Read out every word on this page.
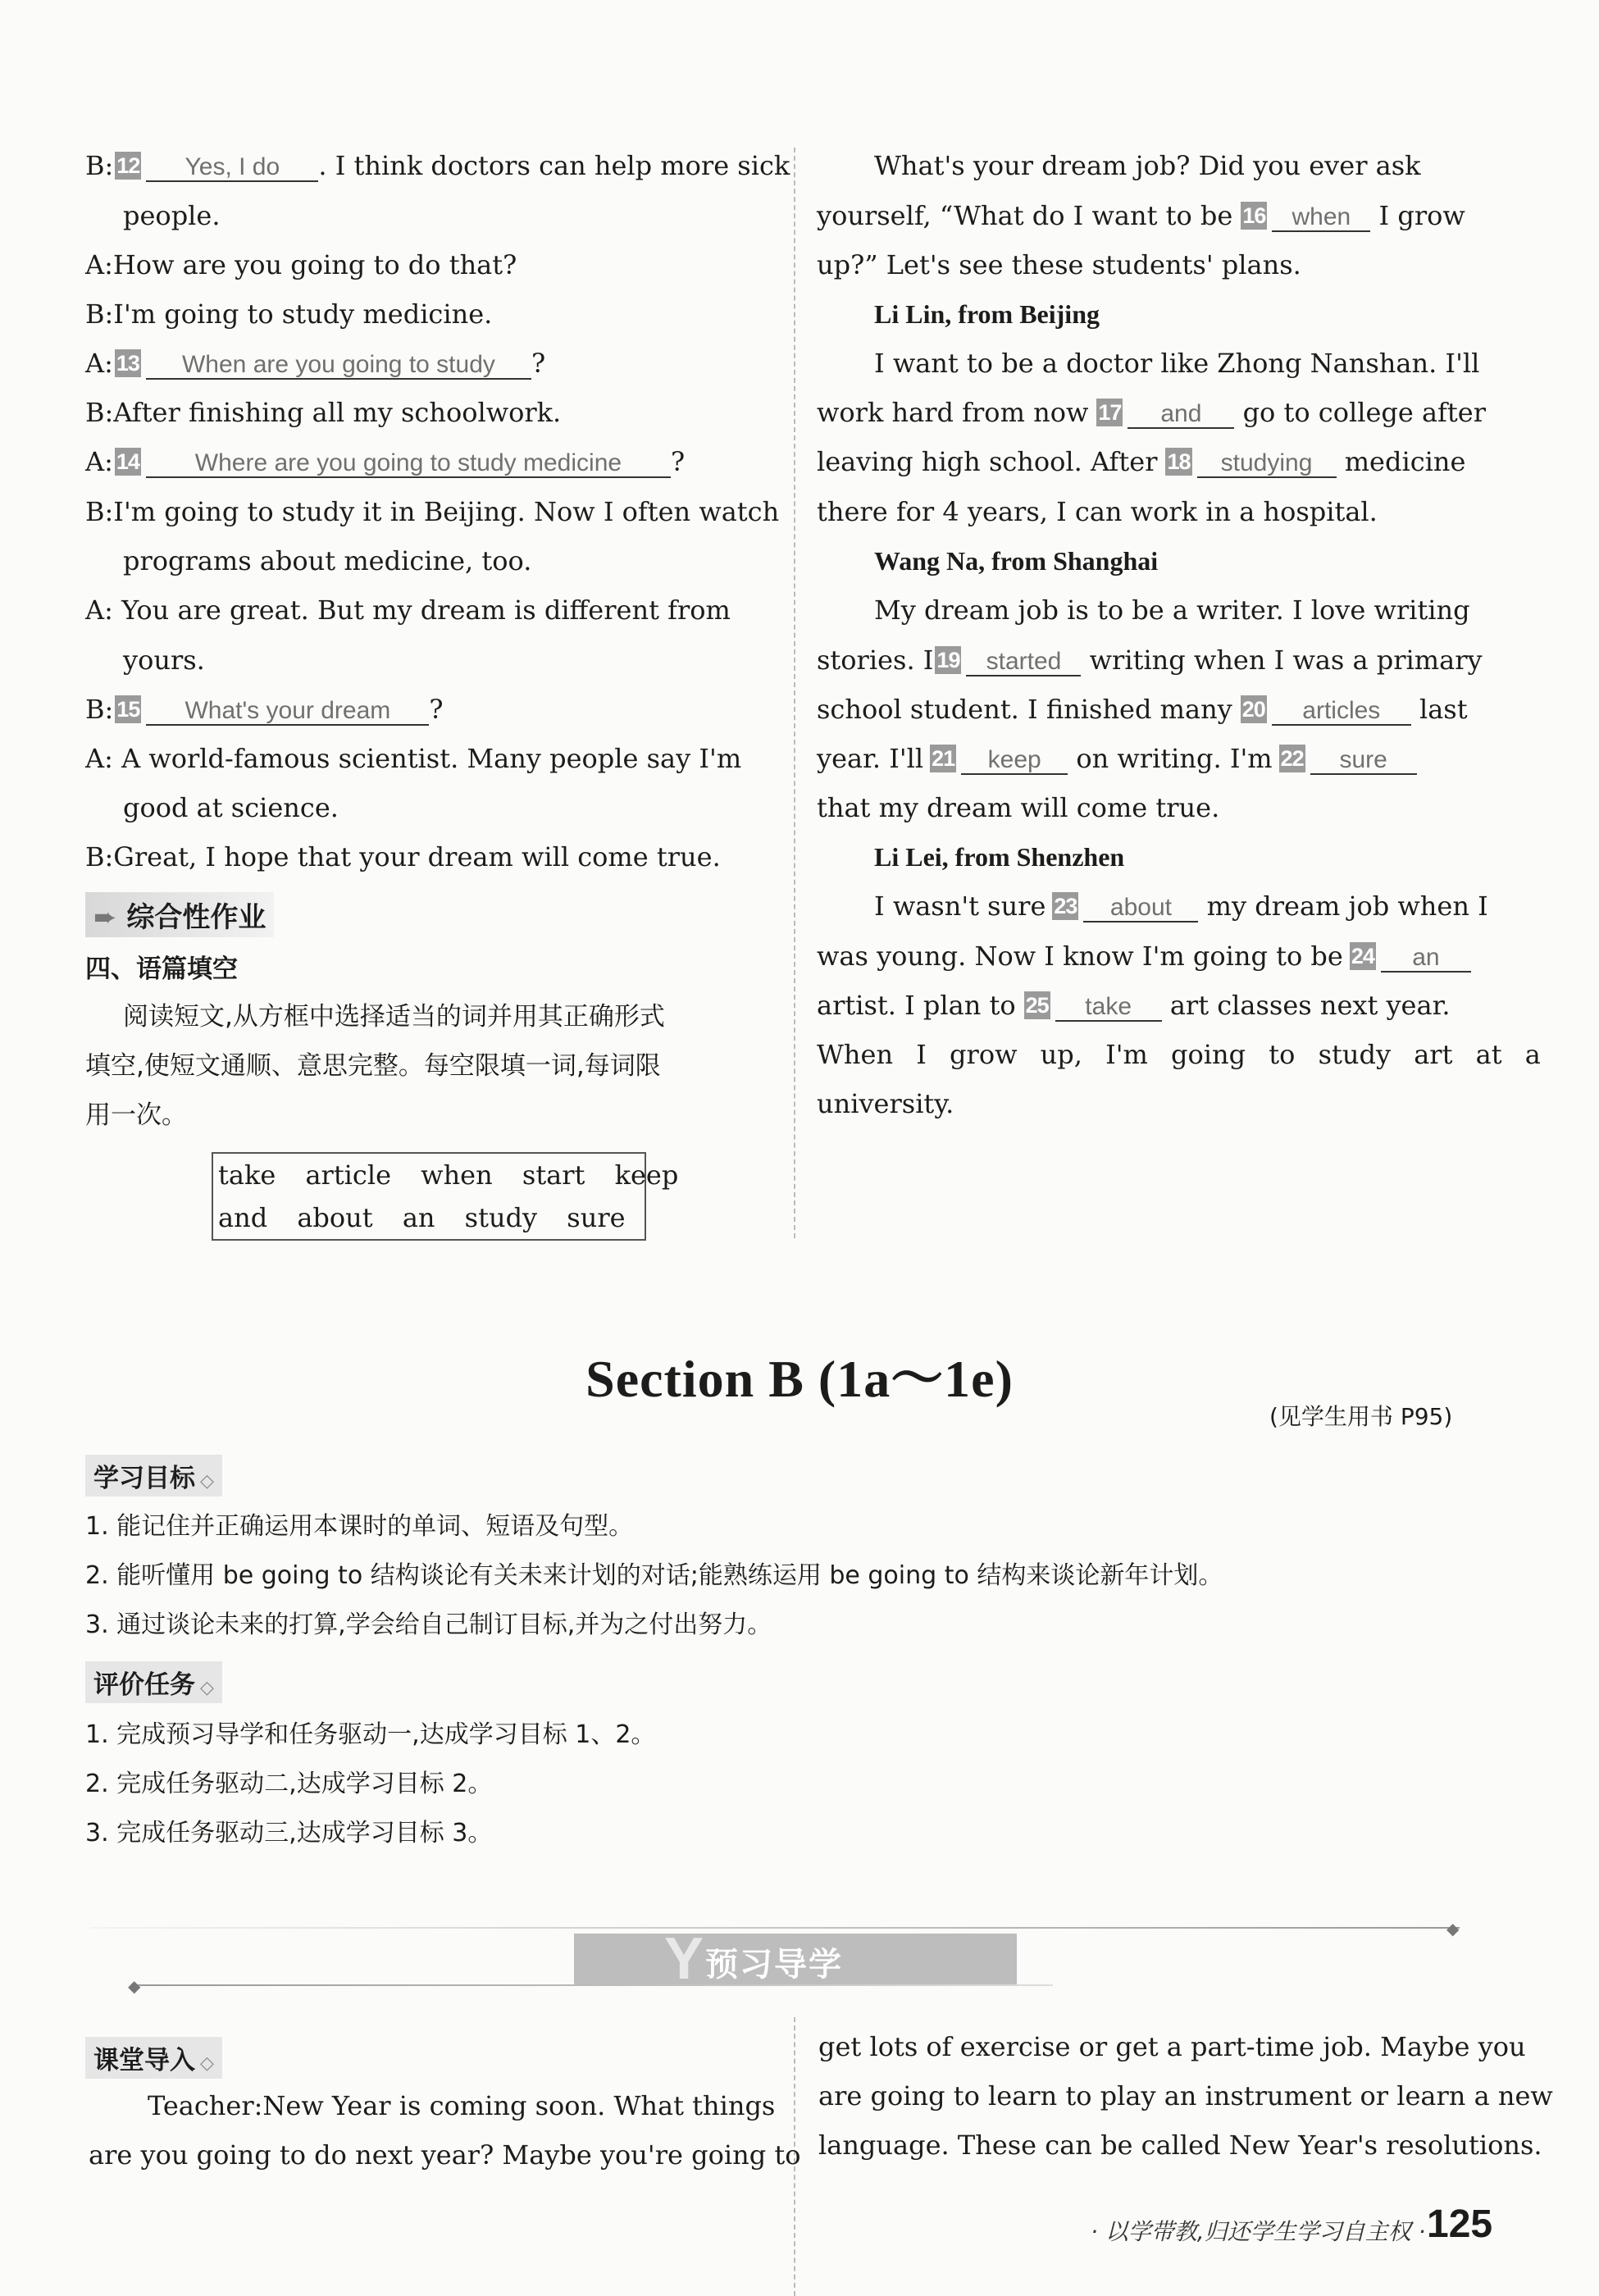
B: 12 Yes, I do . I think doctors can help more sick
people.
A:How are you going to do that?
B:I'm going to study medicine.
A: 13 When are you going to study ?
B:After finishing all my schoolwork.
A: 14 Where are you going to study medicine ?
B:I'm going to study it in Beijing. Now I often watch
programs about medicine, too.
A: You are great. But my dream is different from
yours.
B: 15 What's your dream ?
A: A world-famous scientist. Many people say I'm
good at science.
B:Great, I hope that your dream will come true.
➨ 综合性作业
四、语篇填空
阅读短文,从方框中选择适当的词并用其正确形式
填空,使短文通顺、意思完整。每空限填一词,每词限
用一次。
take article when start keep
and about an study sure
What's your dream job? Did you ever ask
yourself, “What do I want to be 16 when I grow
up?” Let's see these students' plans.
Li Lin, from Beijing
I want to be a doctor like Zhong Nanshan. I'll
work hard from now 17 and go to college after
leaving high school. After 18 studying medicine
there for 4 years, I can work in a hospital.
Wang Na, from Shanghai
My dream job is to be a writer. I love writing
stories. I 19 started writing when I was a primary
school student. I finished many 20 articles last
year. I'll 21 keep on writing. I'm 22 sure
that my dream will come true.
Li Lei, from Shenzhen
I wasn't sure 23 about my dream job when I
was young. Now I know I'm going to be 24 an
artist. I plan to 25 take art classes next year.
When I grow up, I'm going to study art at a
university.
Section B (1a～1e)
(见学生用书 P95)
学习目标 ◇
1. 能记住并正确运用本课时的单词、短语及句型。
2. 能听懂用 be going to 结构谈论有关未来计划的对话;能熟练运用 be going to 结构来谈论新年计划。
3. 通过谈论未来的打算,学会给自己制订目标,并为之付出努力。
评价任务 ◇
1. 完成预习导学和任务驱动一,达成学习目标 1、2。
2. 完成任务驱动二,达成学习目标 2。
3. 完成任务驱动三,达成学习目标 3。
◆
◆
Y 预习导学
课堂导入 ◇
Teacher:New Year is coming soon. What things
are you going to do next year? Maybe you're going to
get lots of exercise or get a part-time job. Maybe you
are going to learn to play an instrument or learn a new
language. These can be called New Year's resolutions.
· 以学带教,归还学生学习自主权 · 125
